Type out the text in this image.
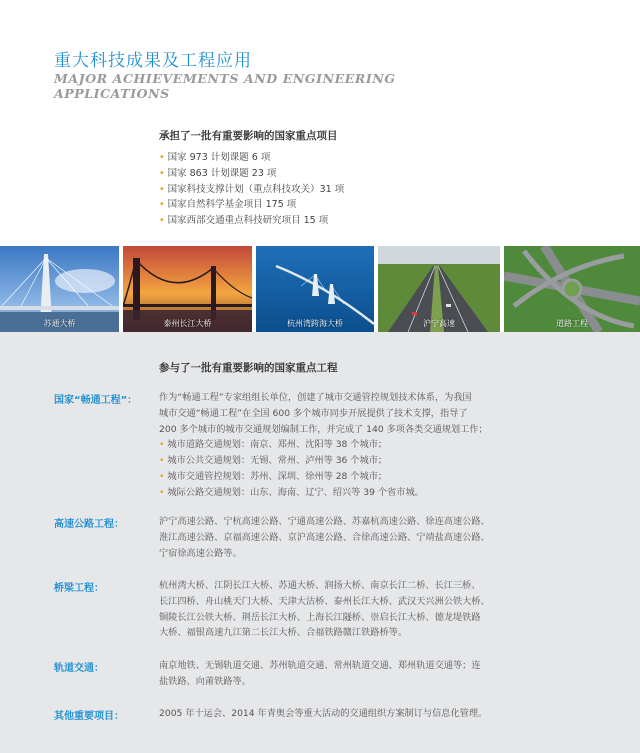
重大科技成果及工程应用
MAJOR ACHIEVEMENTS AND ENGINEERING APPLICATIONS
承担了一批有重要影响的国家重点项目
• 国家 973 计划课题 6 项
• 国家 863 计划课题 23 项
• 国家科技支撑计划（重点科技攻关）31 项
• 国家自然科学基金项目 175 项
• 国家西部交通重点科技研究项目 15 项
苏通大桥	泰州长江大桥	杭州湾跨海大桥	沪宁高速	道路工程
参与了一批有重要影响的国家重点工程
国家“畅通工程”： 作为“畅通工程”专家组组长单位，创建了城市交通管控规划技术体系，为我国
城市交通“畅通工程”在全国 600 多个城市同步开展提供了技术支撑，指导了
200 多个城市的城市交通规划编制工作，并完成了 140 多项各类交通规划工作；
• 城市道路交通规划：南京、郑州、沈阳等 38 个城市；
• 城市公共交通规划：无锡、常州、泸州等 36 个城市；
• 城市交通管控规划：苏州、深圳、徐州等 28 个城市；
• 城际公路交通规划：山东、海南、辽宁、绍兴等 39 个省市城。
高速公路工程：	沪宁高速公路、宁杭高速公路、宁通高速公路、苏嘉杭高速公路、徐连高速公路、
淮江高速公路、京福高速公路、京沪高速公路、合徐高速公路、宁靖盐高速公路、
宁宿徐高速公路等。
桥梁工程：	杭州湾大桥、江阴长江大桥、苏通大桥、润扬大桥、南京长江二桥、长江三桥、
长江四桥、舟山桃天门大桥、天津大沽桥、泰州长江大桥、武汉天兴洲公铁大桥、
铜陵长江公铁大桥、荆岳长江大桥、上海长江隧桥、崇启长江大桥、德龙堤铁路
大桥、福银高速九江第二长江大桥、合福铁路赣江铁路桥等。
轨道交通：	南京地铁、无锡轨道交通、苏州轨道交通、常州轨道交通、郑州轨道交通等；连
盐铁路、向莆铁路等。
其他重要项目：	2005 年十运会、2014 年青奥会等重大活动的交通组织方案制订与信息化管理。
